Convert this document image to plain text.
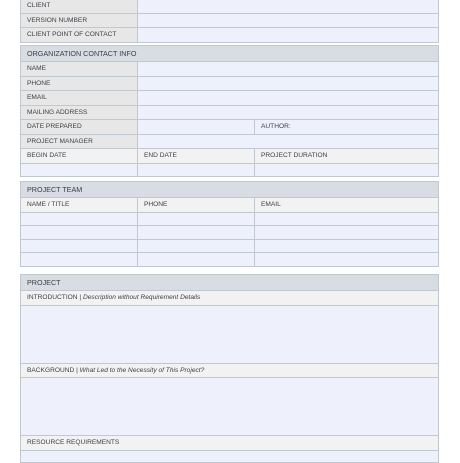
CLIENT	
VERSION NUMBER	
CLIENT POINT OF CONTACT	
ORGANIZATION CONTACT INFO		
NAME		
PHONE		
EMAIL		
MAILING ADDRESS		
DATE PREPARED		AUTHOR:
PROJECT MANAGER		
BEGIN DATE	END DATE	PROJECT DURATION

PROJECT TEAM		
NAME / TITLE	PHONE	EMAIL

PROJECT
INTRODUCTION | Description without Requirement Details

BACKGROUND | What Led to the Necessity of This Project?

RESOURCE REQUIREMENTS
